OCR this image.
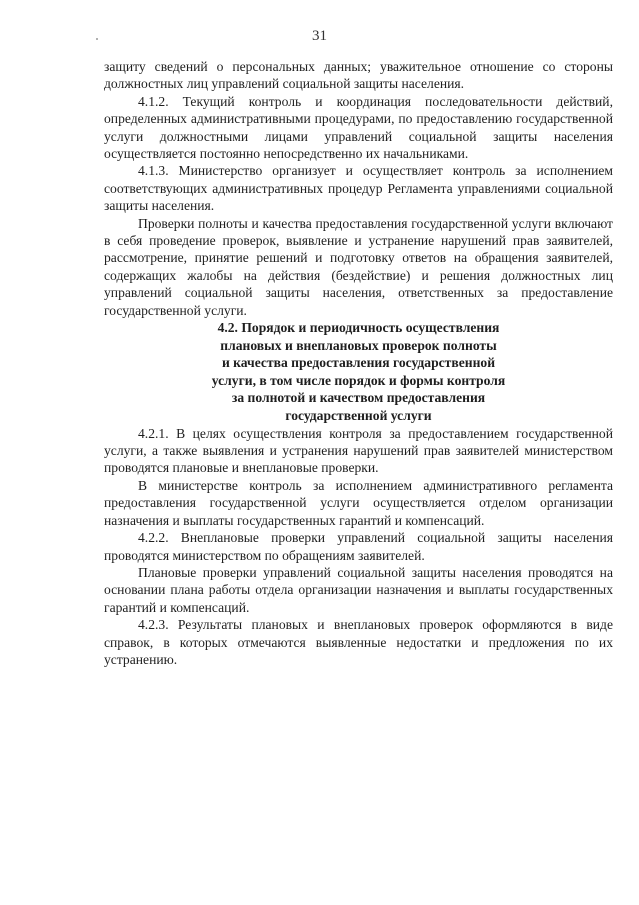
31

защиту сведений о персональных данных; уважительное отношение со стороны должностных лиц управлений социальной защиты населения.

4.1.2. Текущий контроль и координация последовательности действий, определенных административными процедурами, по предоставлению государственной услуги должностными лицами управлений социальной защиты населения осуществляется постоянно непосредственно их начальниками.

4.1.3. Министерство организует и осуществляет контроль за исполнением соответствующих административных процедур Регламента управлениями социальной защиты населения.

Проверки полноты и качества предоставления государственной услуги включают в себя проведение проверок, выявление и устранение нарушений прав заявителей, рассмотрение, принятие решений и подготовку ответов на обращения заявителей, содержащих жалобы на действия (бездействие) и решения должностных лиц управлений социальной защиты населения, ответственных за предоставление государственной услуги.

4.2. Порядок и периодичность осуществления
плановых и внеплановых проверок полноты
и качества предоставления государственной
услуги, в том числе порядок и формы контроля
за полнотой и качеством предоставления
государственной услуги

4.2.1. В целях осуществления контроля за предоставлением государственной услуги, а также выявления и устранения нарушений прав заявителей министерством проводятся плановые и внеплановые проверки.

В министерстве контроль за исполнением административного регламента предоставления государственной услуги осуществляется отделом организации назначения и выплаты государственных гарантий и компенсаций.

4.2.2. Внеплановые проверки управлений социальной защиты населения проводятся министерством по обращениям заявителей.

Плановые проверки управлений социальной защиты населения проводятся на основании плана работы отдела организации назначения и выплаты государственных гарантий и компенсаций.

4.2.3. Результаты плановых и внеплановых проверок оформляются в виде справок, в которых отмечаются выявленные недостатки и предложения по их устранению.
